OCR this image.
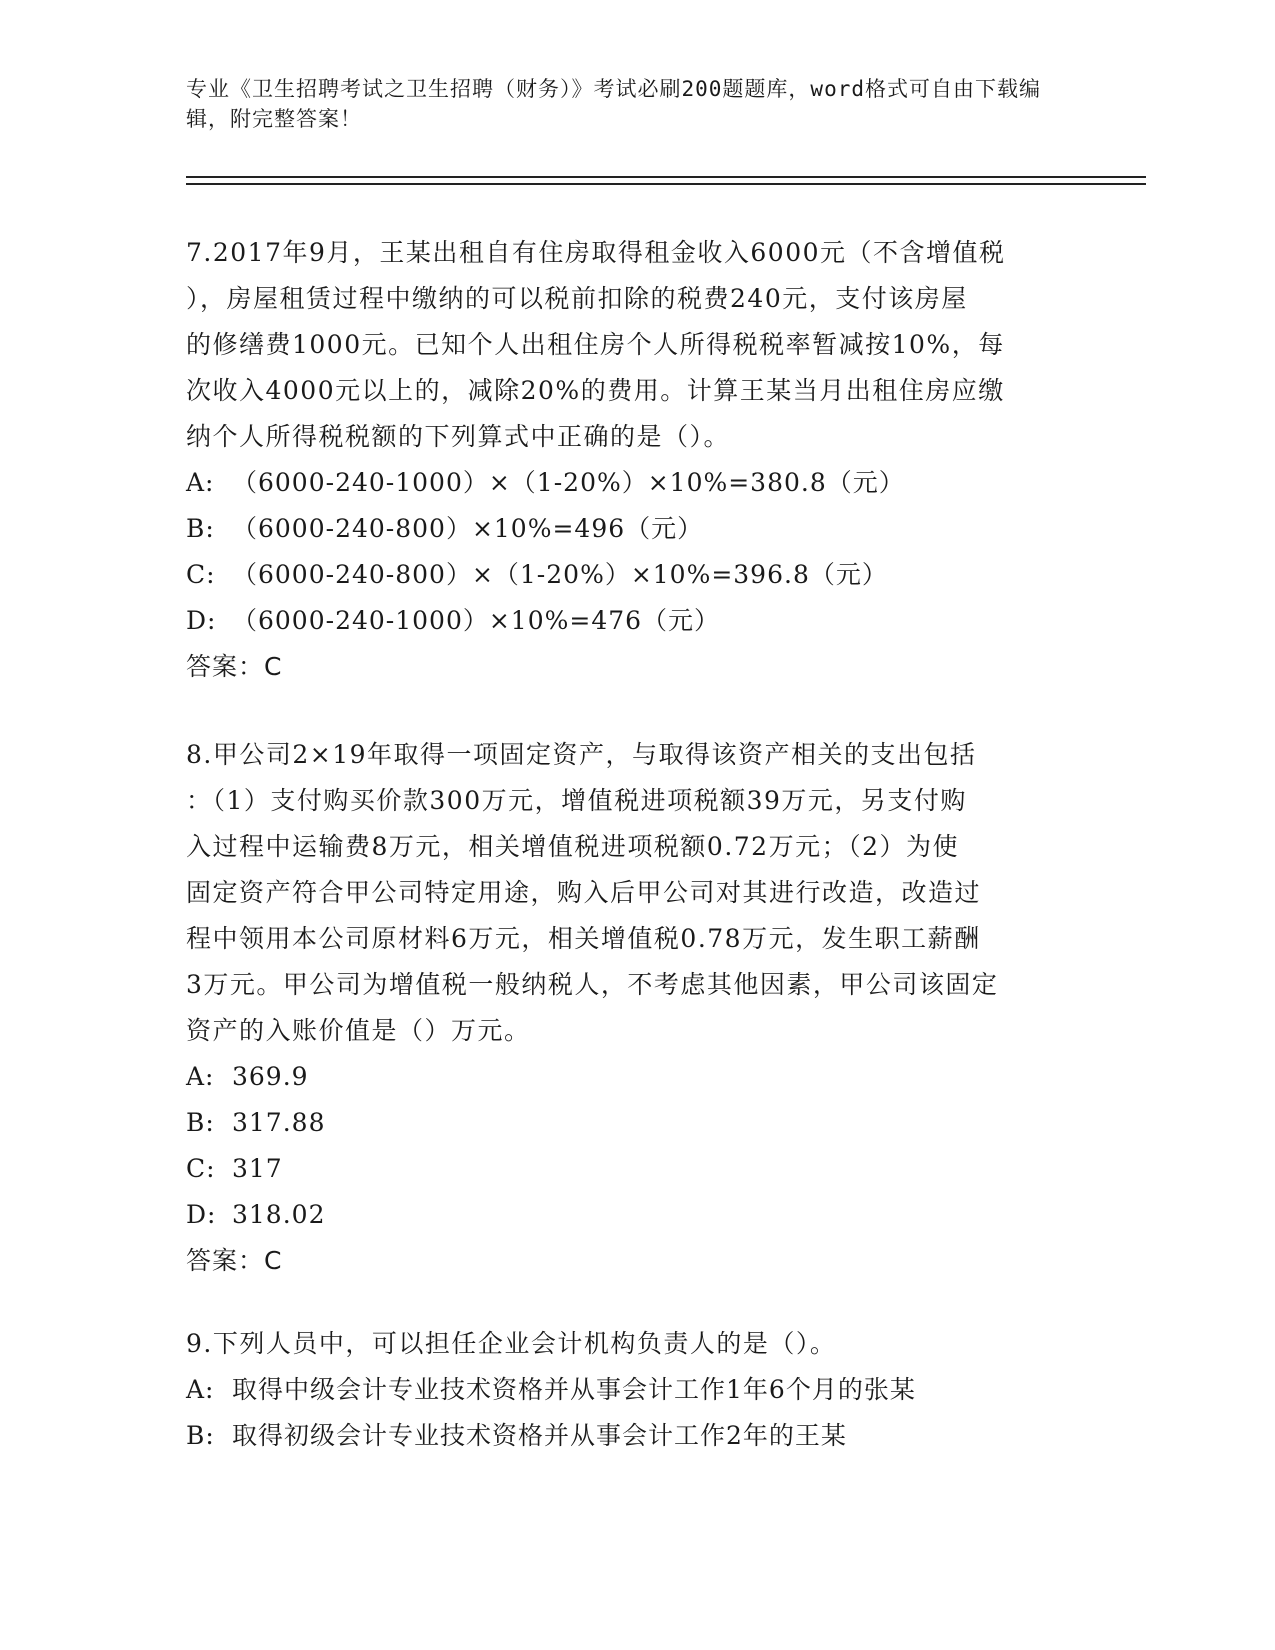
专业《卫生招聘考试之卫生招聘（财务）》考试必刷200题题库，word格式可自由下载编辑，附完整答案！
7.2017年9月，王某出租自有住房取得租金收入6000元（不含增值税
），房屋租赁过程中缴纳的可以税前扣除的税费240元，支付该房屋
的修缮费1000元。已知个人出租住房个人所得税税率暂减按10%，每
次收入4000元以上的，减除20%的费用。计算王某当月出租住房应缴
纳个人所得税税额的下列算式中正确的是（）。
A: （6000-240-1000）×（1-20%）×10%=380.8（元）
B: （6000-240-800）×10%=496（元）
C: （6000-240-800）×（1-20%）×10%=396.8（元）
D: （6000-240-1000）×10%=476（元）
答案：C
8.甲公司2×19年取得一项固定资产，与取得该资产相关的支出包括
：（1）支付购买价款300万元，增值税进项税额39万元，另支付购
入过程中运输费8万元，相关增值税进项税额0.72万元；（2）为使
固定资产符合甲公司特定用途，购入后甲公司对其进行改造，改造过
程中领用本公司原材料6万元，相关增值税0.78万元，发生职工薪酬
3万元。甲公司为增值税一般纳税人，不考虑其他因素，甲公司该固定
资产的入账价值是（）万元。
A: 369.9
B: 317.88
C: 317
D: 318.02
答案：C
9.下列人员中，可以担任企业会计机构负责人的是（）。
A: 取得中级会计专业技术资格并从事会计工作1年6个月的张某
B: 取得初级会计专业技术资格并从事会计工作2年的王某
